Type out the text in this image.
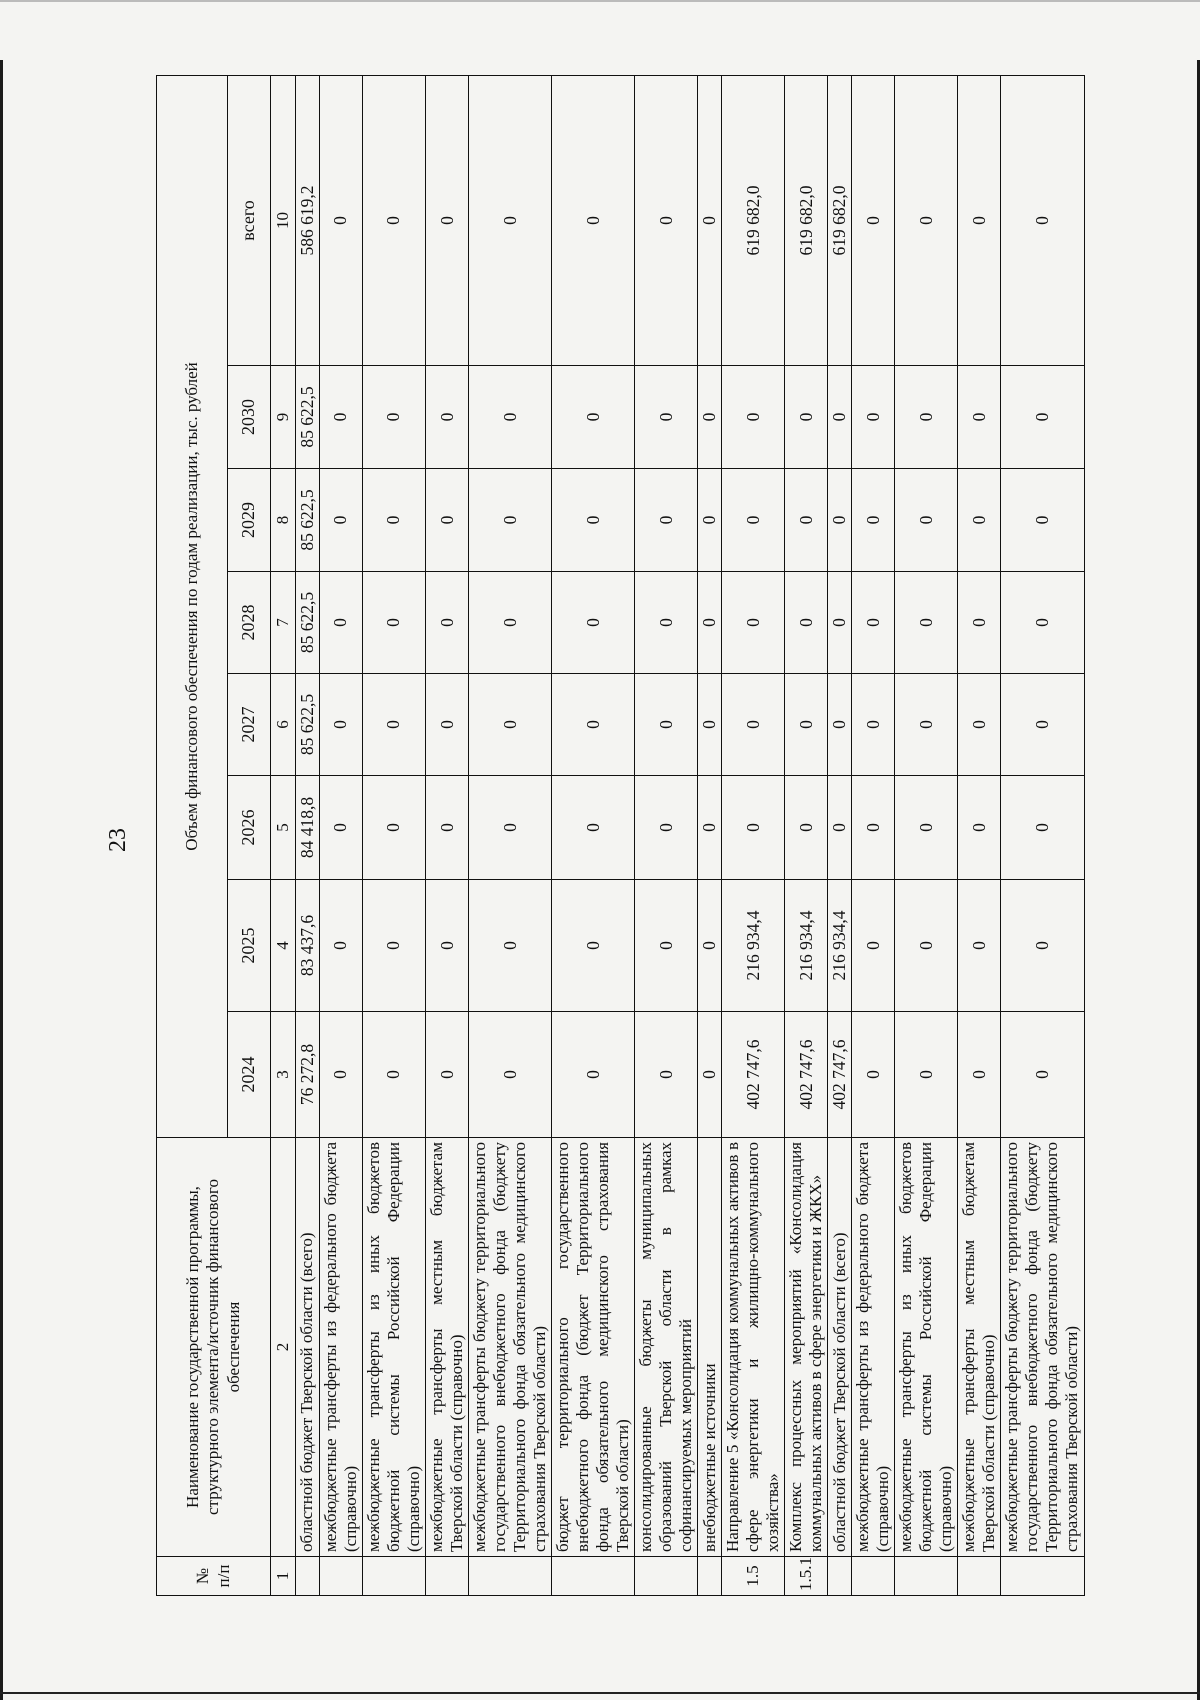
23
№ п/п	Наименование государственной программы, структурного элемента/источник финансового обеспечения	Объем финансового обеспечения по годам реализации, тыс. рублей							
		2024	2025	2026	2027	2028	2029	2030	всего
1	2	3	4	5	6	7	8	9	10
	областной бюджет Тверской области (всего)	76 272,8	83 437,6	84 418,8	85 622,5	85 622,5	85 622,5	85 622,5	586 619,2
	межбюджетные трансферты из федерального бюджета (справочно)	0	0	0	0	0	0	0	0
	межбюджетные трансферты из иных бюджетов бюджетной системы Российской Федерации (справочно)	0	0	0	0	0	0	0	0
	межбюджетные трансферты местным бюджетам Тверской области (справочно)	0	0	0	0	0	0	0	0
	межбюджетные трансферты бюджету территориального государственного внебюджетного фонда (бюджету Территориального фонда обязательного медицинского страхования Тверской области)	0	0	0	0	0	0	0	0
	бюджет территориального государственного внебюджетного фонда (бюджет Территориального фонда обязательного медицинского страхования Тверской области)	0	0	0	0	0	0	0	0
	консолидированные бюджеты муниципальных образований Тверской области в рамках софинансируемых мероприятий	0	0	0	0	0	0	0	0
	внебюджетные источники	0	0	0	0	0	0	0	0
1.5	Направление 5 «Консолидация коммунальных активов в сфере энергетики и жилищно-коммунального хозяйства»	402 747,6	216 934,4	0	0	0	0	0	619 682,0
1.5.1	Комплекс процессных мероприятий «Консолидация коммунальных активов в сфере энергетики и ЖКХ»	402 747,6	216 934,4	0	0	0	0	0	619 682,0
	областной бюджет Тверской области (всего)	402 747,6	216 934,4	0	0	0	0	0	619 682,0
	межбюджетные трансферты из федерального бюджета (справочно)	0	0	0	0	0	0	0	0
	межбюджетные трансферты из иных бюджетов бюджетной системы Российской Федерации (справочно)	0	0	0	0	0	0	0	0
	межбюджетные трансферты местным бюджетам Тверской области (справочно)	0	0	0	0	0	0	0	0
	межбюджетные трансферты бюджету территориального государственного внебюджетного фонда (бюджету Территориального фонда обязательного медицинского страхования Тверской области)	0	0	0	0	0	0	0	0
